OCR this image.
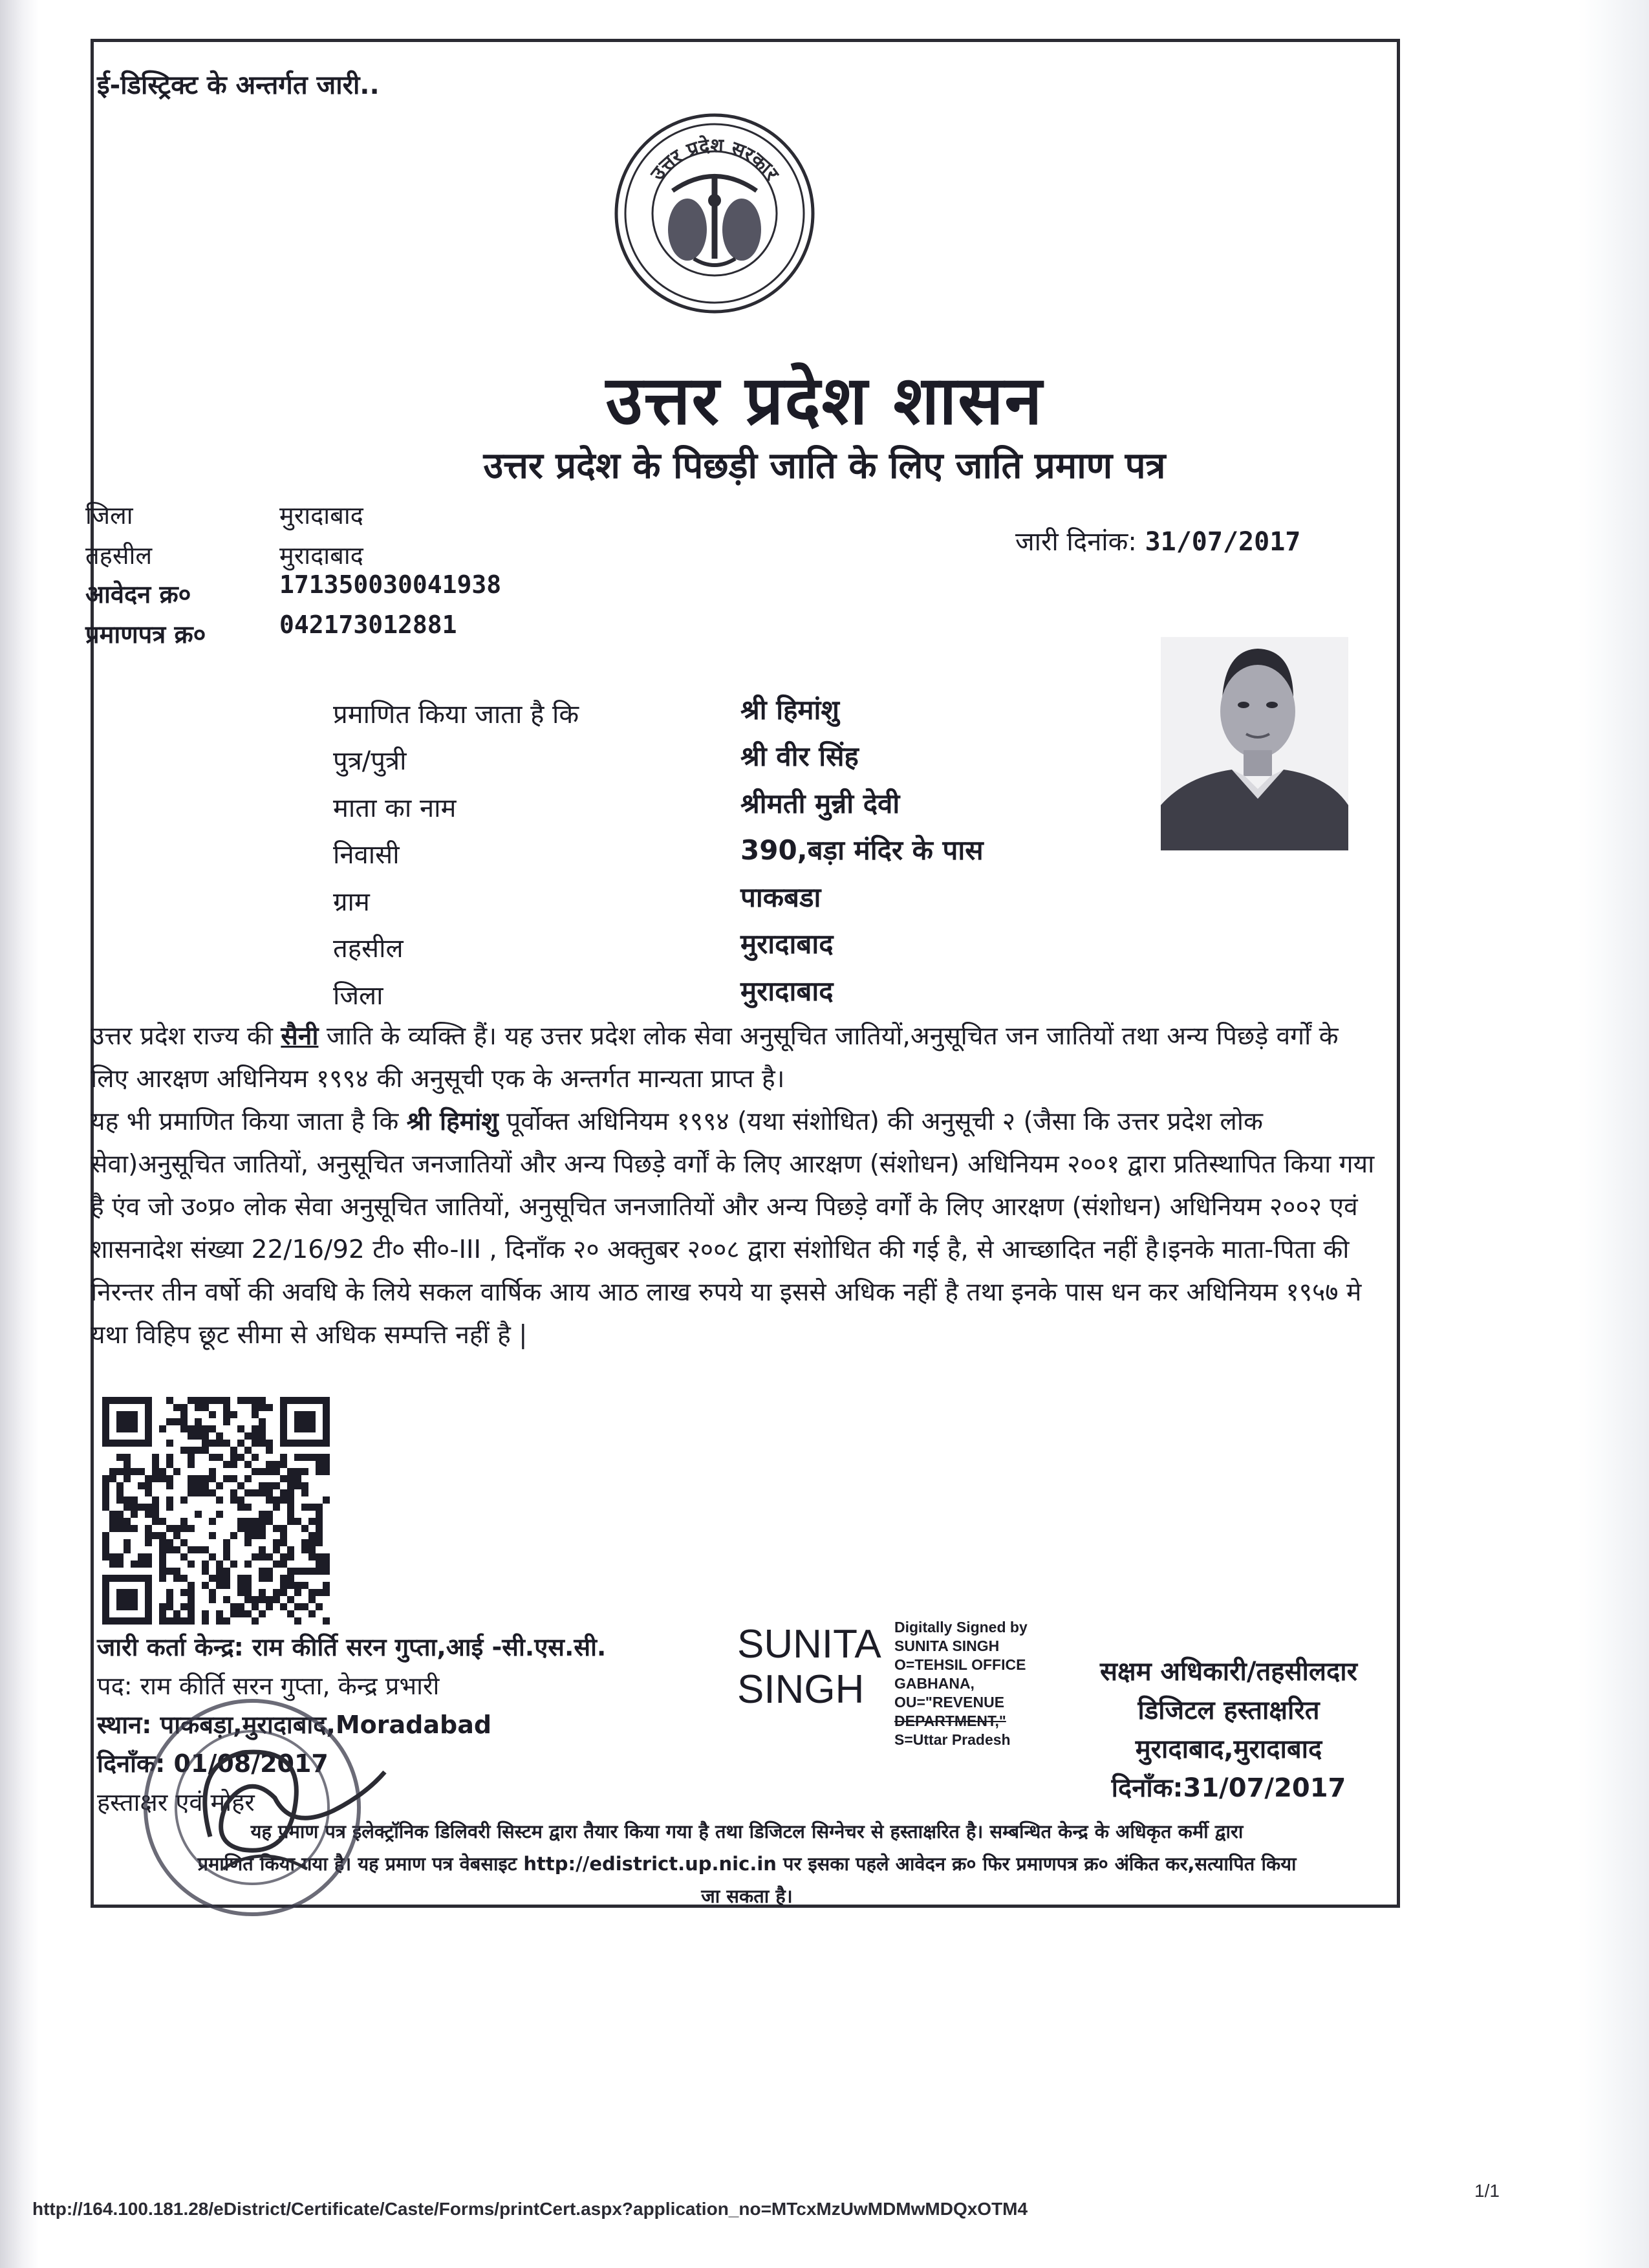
ई-डिस्ट्रिक्ट के अन्तर्गत जारी..
उत्तर प्रदेश सरकार
उत्तर प्रदेश शासन
उत्तर प्रदेश के पिछड़ी जाति के लिए जाति प्रमाण पत्र
जिला	मुरादाबाद
तहसील	मुरादाबाद
आवेदन क्र०	171350030041938
प्रमाणपत्र क्र०	042173012881
जारी दिनांक: 31/07/2017
प्रमाणित किया जाता है कि	श्री हिमांशु
पुत्र/पुत्री	श्री वीर सिंह
माता का नाम	श्रीमती मुन्नी देवी
निवासी	390,बड़ा मंदिर के पास
ग्राम	पाकबडा
तहसील	मुरादाबाद
जिला	मुरादाबाद
उत्तर प्रदेश राज्य की सैनी जाति के व्यक्ति हैं। यह उत्तर प्रदेश लोक सेवा अनुसूचित जातियों,अनुसूचित जन जातियों तथा अन्य पिछड़े वर्गों के लिए आरक्षण अधिनियम १९९४ की अनुसूची एक के अन्तर्गत मान्यता प्राप्त है।
यह भी प्रमाणित किया जाता है कि श्री हिमांशु पूर्वोक्त अधिनियम १९९४ (यथा संशोधित) की अनुसूची २ (जैसा कि उत्तर प्रदेश लोक सेवा)अनुसूचित जातियों, अनुसूचित जनजातियों और अन्य पिछड़े वर्गों के लिए आरक्षण (संशोधन) अधिनियम २००१ द्वारा प्रतिस्थापित किया गया है एंव जो उ०प्र० लोक सेवा अनुसूचित जातियों, अनुसूचित जनजातियों और अन्य पिछड़े वर्गों के लिए आरक्षण (संशोधन) अधिनियम २००२ एवं शासनादेश संख्या 22/16/92 टी० सी०-III , दिनाँक २० अक्तुबर २००८ द्वारा संशोधित की गई है, से आच्छादित नहीं है।इनके माता-पिता की निरन्तर तीन वर्षो की अवधि के लिये सकल वार्षिक आय आठ लाख रुपये या इससे अधिक नहीं है तथा इनके पास धन कर अधिनियम १९५७ मे यथा विहिप छूट सीमा से अधिक सम्पत्ति नहीं है |
जारी कर्ता केन्द्र: राम कीर्ति सरन गुप्ता,आई -सी.एस.सी.
पद: राम कीर्ति सरन गुप्ता, केन्द्र प्रभारी
स्थान: पाकबड़ा,मुरादाबाद,Moradabad
दिनाँक: 01/08/2017
हस्ताक्षर एवं मोहर
SUNITA
SINGH
Digitally Signed by
SUNITA SINGH
O=TEHSIL OFFICE
GABHANA,
OU="REVENUE
DEPARTMENT,"
S=Uttar Pradesh
सक्षम अधिकारी/तहसीलदार
डिजिटल हस्ताक्षरित
मुरादाबाद,मुरादाबाद
दिनाँक:31/07/2017
यह प्रमाण पत्र इलेक्ट्रॉनिक डिलिवरी सिस्टम द्वारा तैयार किया गया है तथा डिजिटल सिग्नेचर से हस्ताक्षरित है। सम्बन्धित केन्द्र के अधिकृत कर्मी द्वारा
प्रमाणित किया गया है। यह प्रमाण पत्र वेबसाइट http://edistrict.up.nic.in पर इसका पहले आवेदन क्र० फिर प्रमाणपत्र क्र० अंकित कर,सत्यापित किया
जा सकता है।
http://164.100.181.28/eDistrict/Certificate/Caste/Forms/printCert.aspx?application_no=MTcxMzUwMDMwMDQxOTM4
1/1
